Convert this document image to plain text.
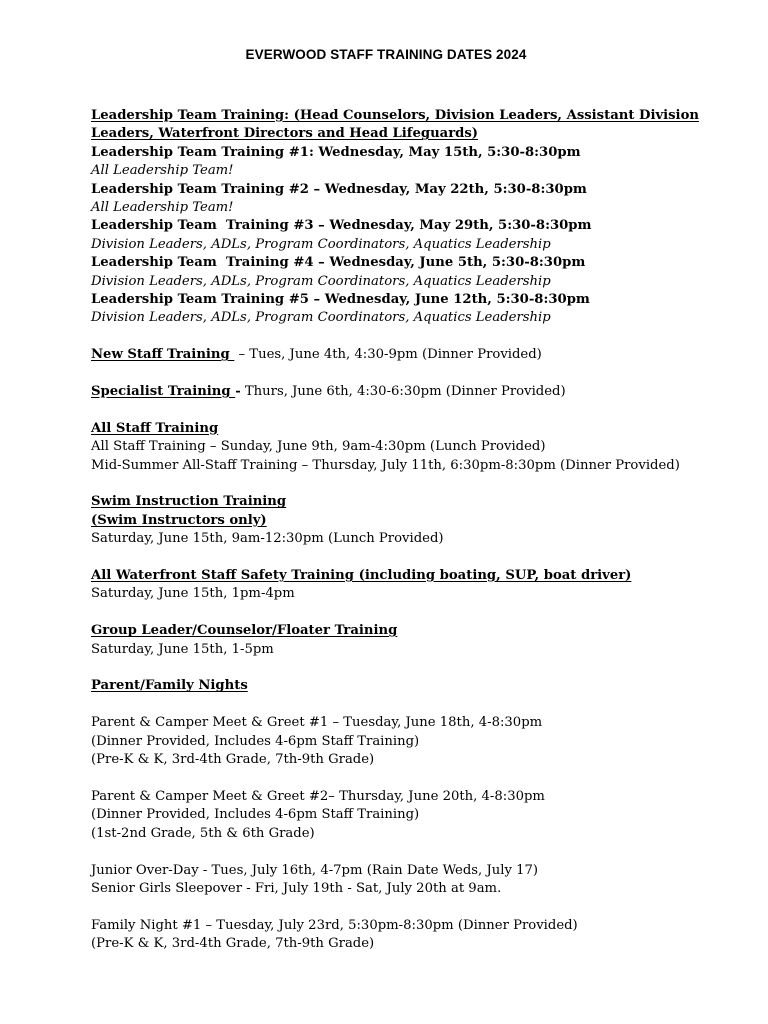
EVERWOOD STAFF TRAINING DATES 2024
Leadership Team Training: (Head Counselors, Division Leaders, Assistant Division Leaders, Waterfront Directors and Head Lifeguards)
Leadership Team Training #1: Wednesday, May 15th, 5:30-8:30pm
All Leadership Team!
Leadership Team Training #2 – Wednesday, May 22th, 5:30-8:30pm
All Leadership Team!
Leadership Team  Training #3 – Wednesday, May 29th, 5:30-8:30pm
Division Leaders, ADLs, Program Coordinators, Aquatics Leadership
Leadership Team  Training #4 – Wednesday, June 5th, 5:30-8:30pm
Division Leaders, ADLs, Program Coordinators, Aquatics Leadership
Leadership Team Training #5 – Wednesday, June 12th, 5:30-8:30pm
Division Leaders, ADLs, Program Coordinators, Aquatics Leadership
New Staff Training  – Tues, June 4th, 4:30-9pm (Dinner Provided)
Specialist Training - Thurs, June 6th, 4:30-6:30pm (Dinner Provided)
All Staff Training
All Staff Training – Sunday, June 9th, 9am-4:30pm (Lunch Provided)
Mid-Summer All-Staff Training – Thursday, July 11th, 6:30pm-8:30pm (Dinner Provided)
Swim Instruction Training
(Swim Instructors only)
Saturday, June 15th, 9am-12:30pm (Lunch Provided)
All Waterfront Staff Safety Training (including boating, SUP, boat driver)
Saturday, June 15th, 1pm-4pm
Group Leader/Counselor/Floater Training
Saturday, June 15th, 1-5pm
Parent/Family Nights
Parent & Camper Meet & Greet #1 – Tuesday, June 18th, 4-8:30pm
(Dinner Provided, Includes 4-6pm Staff Training)
(Pre-K & K, 3rd-4th Grade, 7th-9th Grade)
Parent & Camper Meet & Greet #2– Thursday, June 20th, 4-8:30pm
(Dinner Provided, Includes 4-6pm Staff Training)
(1st-2nd Grade, 5th & 6th Grade)
Junior Over-Day - Tues, July 16th, 4-7pm (Rain Date Weds, July 17)
Senior Girls Sleepover - Fri, July 19th - Sat, July 20th at 9am.
Family Night #1 – Tuesday, July 23rd, 5:30pm-8:30pm (Dinner Provided)
(Pre-K & K, 3rd-4th Grade, 7th-9th Grade)
